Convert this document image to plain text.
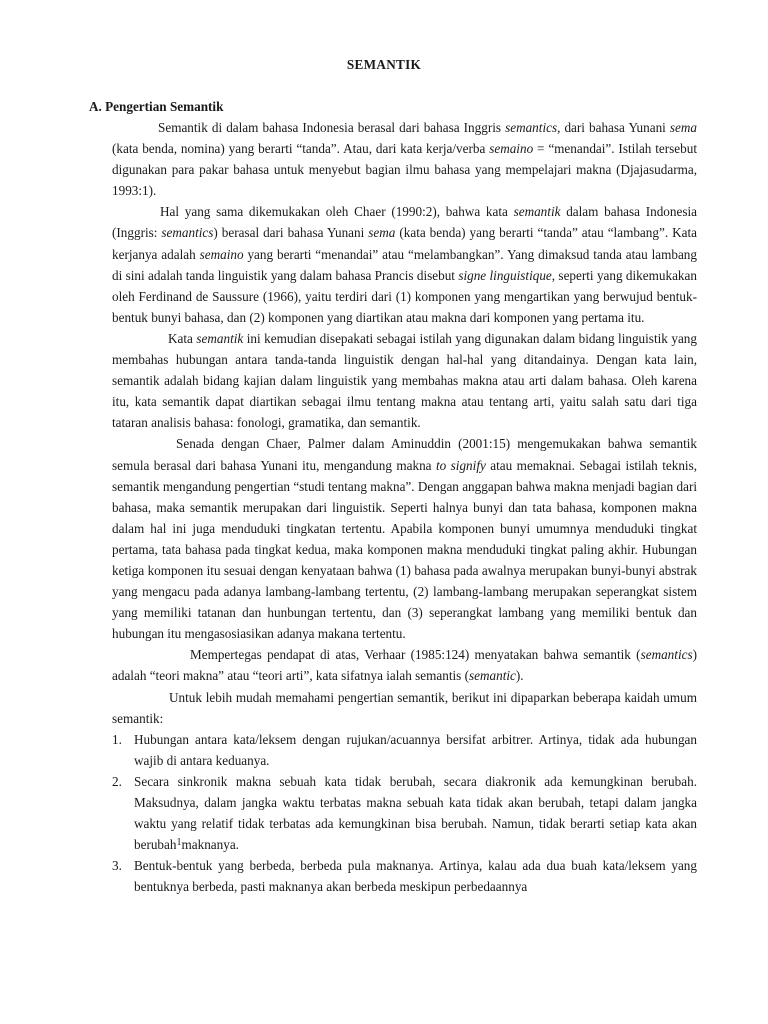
SEMANTIK
A. Pengertian Semantik

Semantik di dalam bahasa Indonesia berasal dari bahasa Inggris semantics, dari bahasa Yunani sema (kata benda, nomina) yang berarti “tanda”. Atau, dari kata kerja/verba semaino = “menandai”. Istilah tersebut digunakan para pakar bahasa untuk menyebut bagian ilmu bahasa yang mempelajari makna (Djajasudarma, 1993:1).

Hal yang sama dikemukakan oleh Chaer (1990:2), bahwa kata semantik dalam bahasa Indonesia (Inggris: semantics) berasal dari bahasa Yunani sema (kata benda) yang berarti “tanda” atau “lambang”. Kata kerjanya adalah semaino yang berarti “menandai” atau “melambangkan”. Yang dimaksud tanda atau lambang di sini adalah tanda linguistik yang dalam bahasa Prancis disebut signe linguistique, seperti yang dikemukakan oleh Ferdinand de Saussure (1966), yaitu terdiri dari (1) komponen yang mengartikan yang berwujud bentuk-bentuk bunyi bahasa, dan (2) komponen yang diartikan atau makna dari komponen yang pertama itu.

Kata semantik ini kemudian disepakati sebagai istilah yang digunakan dalam bidang linguistik yang membahas hubungan antara tanda-tanda linguistik dengan hal-hal yang ditandainya. Dengan kata lain, semantik adalah bidang kajian dalam linguistik yang membahas makna atau arti dalam bahasa. Oleh karena itu, kata semantik dapat diartikan sebagai ilmu tentang makna atau tentang arti, yaitu salah satu dari tiga tataran analisis bahasa: fonologi, gramatika, dan semantik.

Senada dengan Chaer, Palmer dalam Aminuddin (2001:15) mengemukakan bahwa semantik semula berasal dari bahasa Yunani itu, mengandung makna to signify atau memaknai. Sebagai istilah teknis, semantik mengandung pengertian “studi tentang makna”. Dengan anggapan bahwa makna menjadi bagian dari bahasa, maka semantik merupakan dari linguistik. Seperti halnya bunyi dan tata bahasa, komponen makna dalam hal ini juga menduduki tingkatan tertentu. Apabila komponen bunyi umumnya menduduki tingkat pertama, tata bahasa pada tingkat kedua, maka komponen makna menduduki tingkat paling akhir. Hubungan ketiga komponen itu sesuai dengan kenyataan bahwa (1) bahasa pada awalnya merupakan bunyi-bunyi abstrak yang mengacu pada adanya lambang-lambang tertentu, (2) lambang-lambang merupakan seperangkat sistem yang memiliki tatanan dan hunbungan tertentu, dan (3) seperangkat lambang yang memiliki bentuk dan hubungan itu mengasosiasikan adanya makana tertentu.

Mempertegas pendapat di atas, Verhaar (1985:124) menyatakan bahwa semantik (semantics) adalah “teori makna” atau “teori arti”, kata sifatnya ialah semantis (semantic).

Untuk lebih mudah memahami pengertian semantik, berikut ini dipaparkan beberapa kaidah umum semantik:

1. Hubungan antara kata/leksem dengan rujukan/acuannya bersifat arbitrer. Artinya, tidak ada hubungan wajib di antara keduanya.
2. Secara sinkronik makna sebuah kata tidak berubah, secara diakronik ada kemungkinan berubah. Maksudnya, dalam jangka waktu terbatas makna sebuah kata tidak akan berubah, tetapi dalam jangka waktu yang relatif tidak terbatas ada kemungkinan bisa berubah. Namun, tidak berarti setiap kata akan berubah$^1$maknanya.
3. Bentuk-bentuk yang berbeda, berbeda pula maknanya. Artinya, kalau ada dua buah kata/leksem yang bentuknya berbeda, pasti maknanya akan berbeda meskipun perbedaannya
